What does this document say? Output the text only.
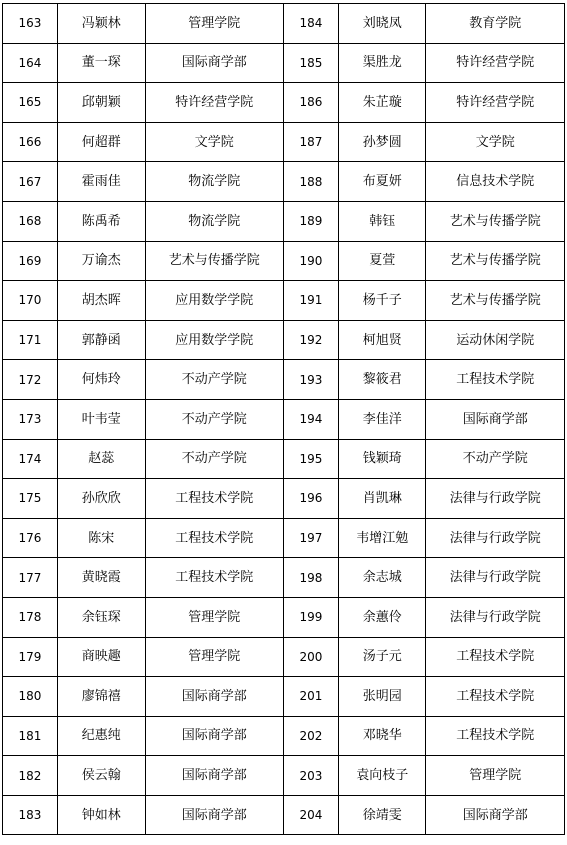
163	冯颖林	管理学院	184	刘晓凤	教育学院
164	董一琛	国际商学部	185	渠胜龙	特许经营学院
165	邱朝颖	特许经营学院	186	朱芷璇	特许经营学院
166	何超群	文学院	187	孙梦圆	文学院
167	霍雨佳	物流学院	188	布夏妍	信息技术学院
168	陈禹希	物流学院	189	韩钰	艺术与传播学院
169	万谕杰	艺术与传播学院	190	夏萱	艺术与传播学院
170	胡杰晖	应用数学学院	191	杨千子	艺术与传播学院
171	郭静函	应用数学学院	192	柯旭贤	运动休闲学院
172	何炜玲	不动产学院	193	黎筱君	工程技术学院
173	叶韦莹	不动产学院	194	李佳洋	国际商学部
174	赵蕊	不动产学院	195	钱颖琦	不动产学院
175	孙欣欣	工程技术学院	196	肖凯琳	法律与行政学院
176	陈宋	工程技术学院	197	韦增江勉	法律与行政学院
177	黄晓霞	工程技术学院	198	余志城	法律与行政学院
178	余钰琛	管理学院	199	余蕙伶	法律与行政学院
179	商映趣	管理学院	200	汤子元	工程技术学院
180	廖锦禧	国际商学部	201	张明园	工程技术学院
181	纪惠纯	国际商学部	202	邓晓华	工程技术学院
182	侯云翰	国际商学部	203	袁向枝子	管理学院
183	钟如林	国际商学部	204	徐靖雯	国际商学部
